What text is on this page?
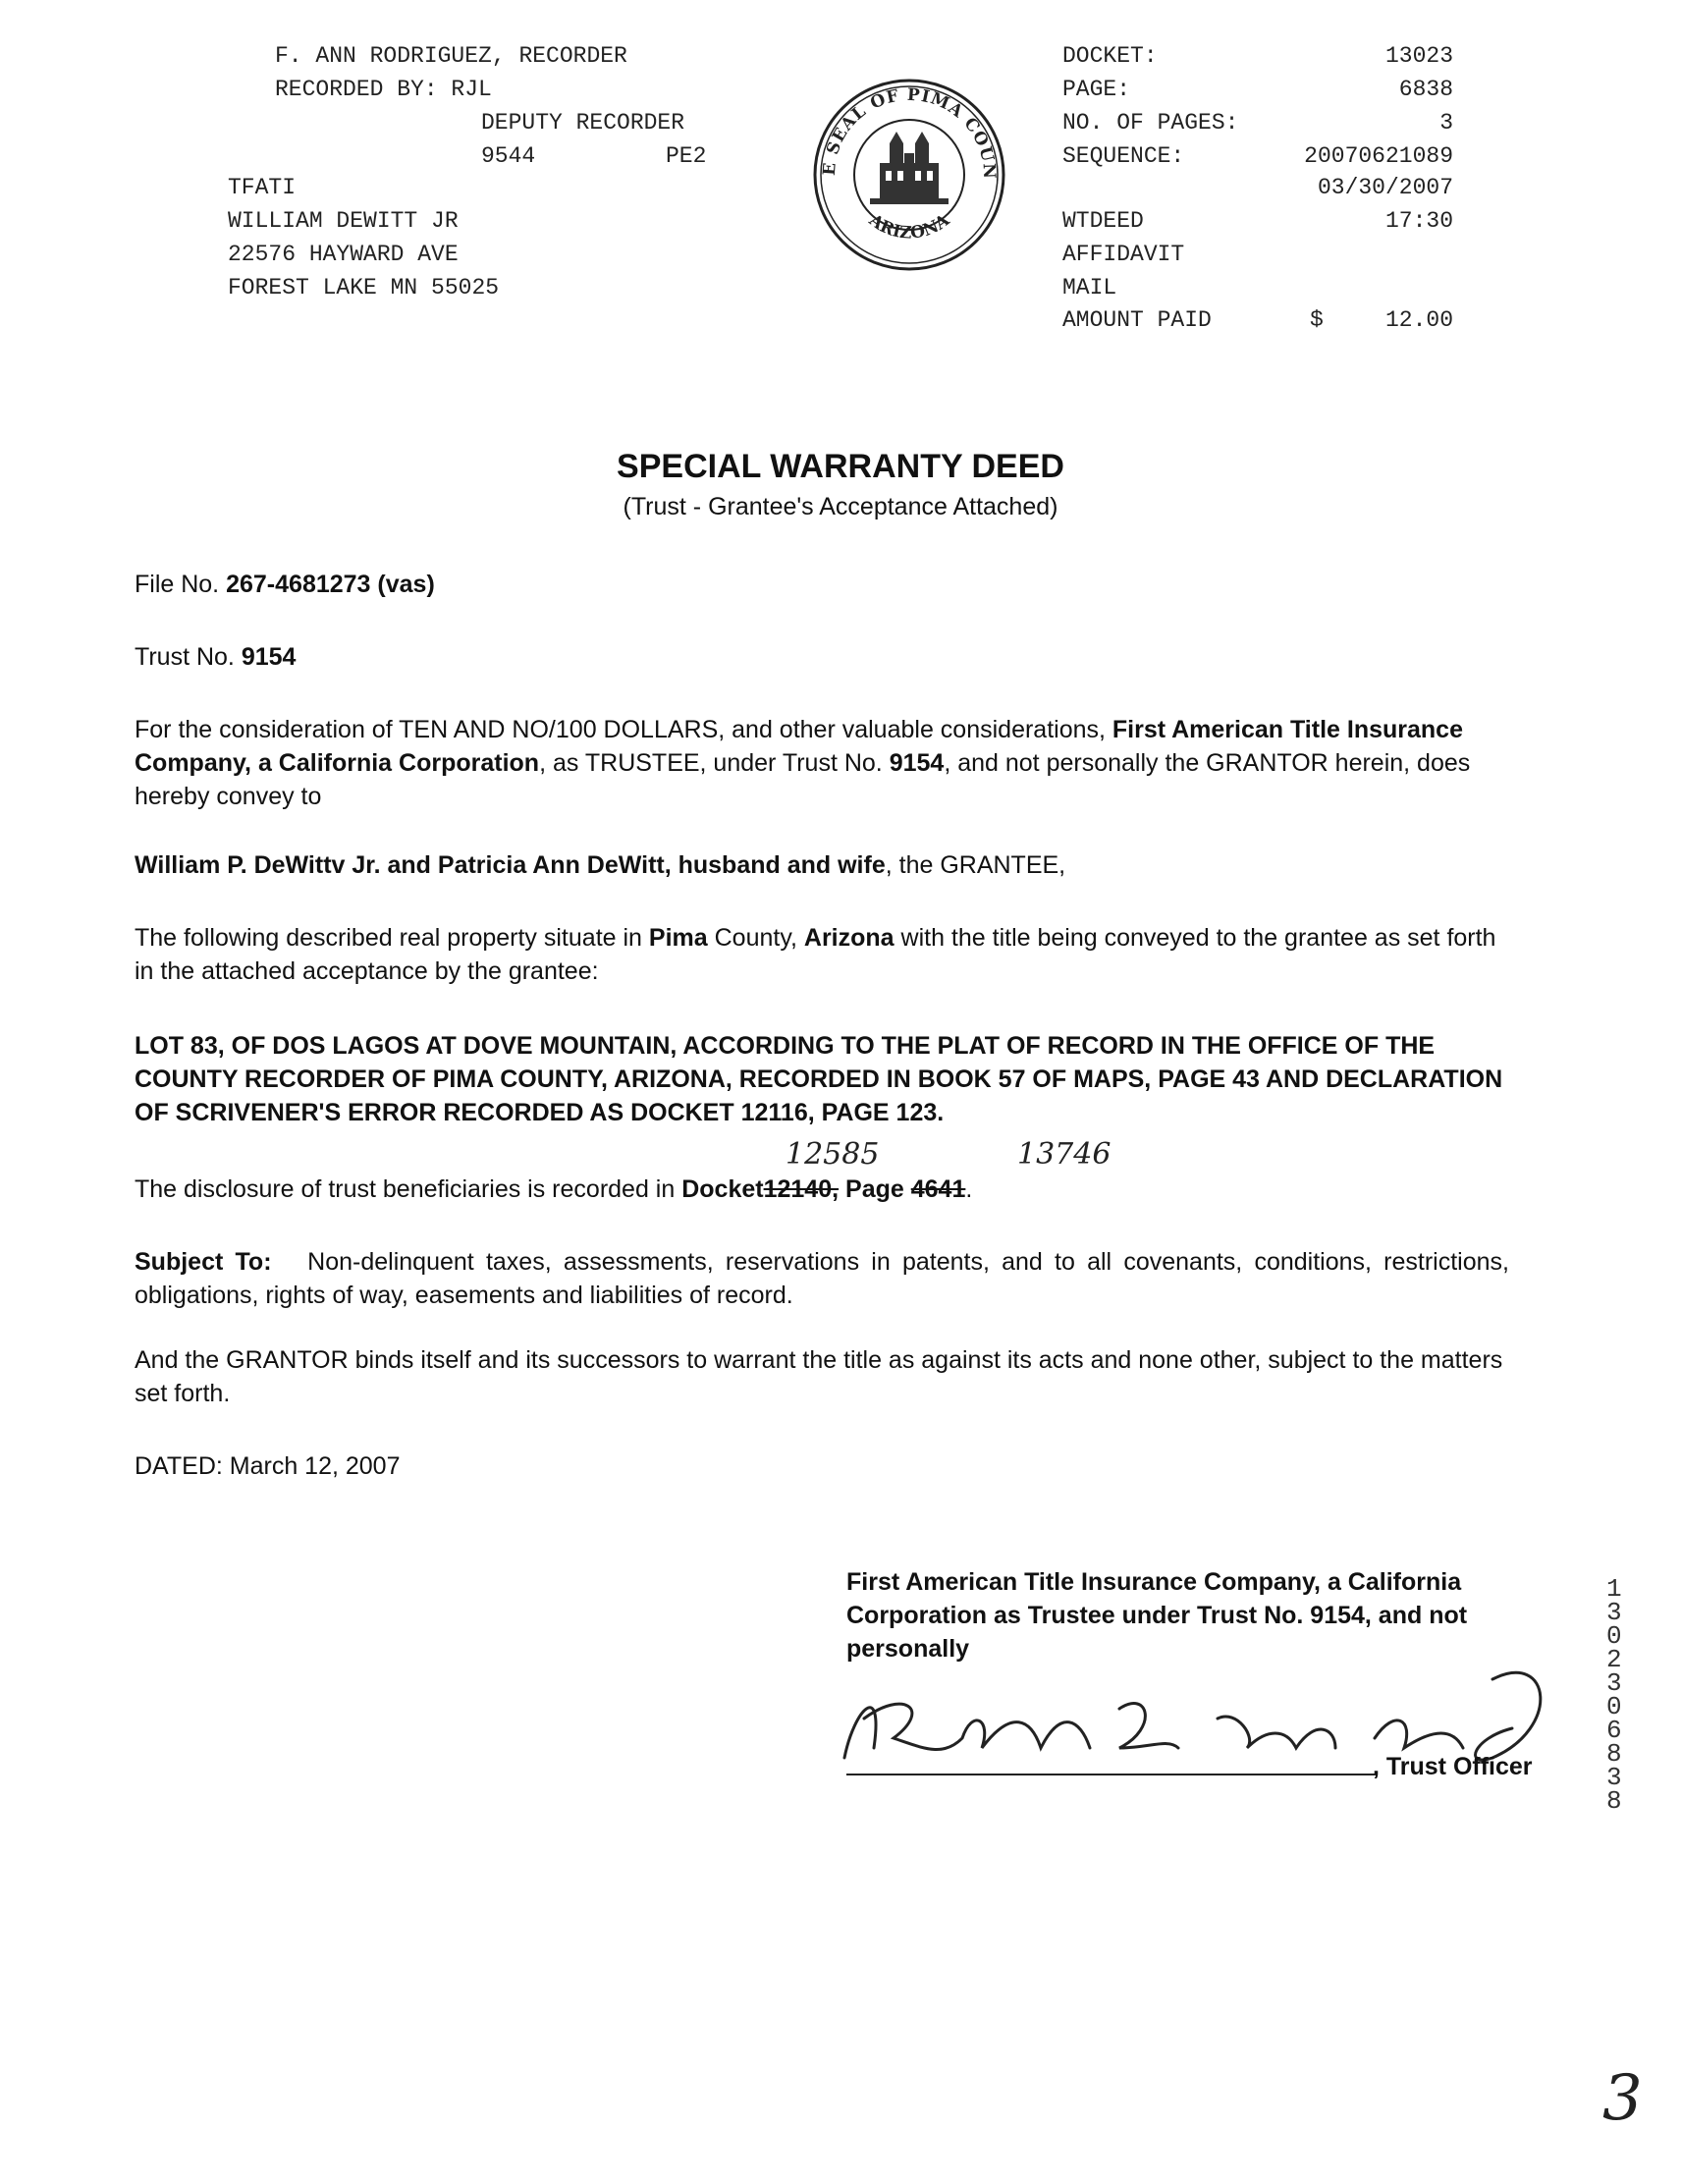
F. ANN RODRIGUEZ, RECORDER
RECORDED BY: RJL
DEPUTY RECORDER
9544	PE2
TFATI
WILLIAM DEWITT JR
22576 HAYWARD AVE
FOREST LAKE MN 55025
E SEAL OF PIMA COUN
ARIZONA
DOCKET:	13023
PAGE:	6838
NO. OF PAGES:	3
SEQUENCE:	20070621089
03/30/2007
WTDEED	17:30
AFFIDAVIT
MAIL
AMOUNT PAID	$	12.00
SPECIAL WARRANTY DEED
(Trust - Grantee's Acceptance Attached)
File No. 267-4681273 (vas)
Trust No. 9154
For the consideration of TEN AND NO/100 DOLLARS, and other valuable considerations, First American Title Insurance Company, a California Corporation, as TRUSTEE, under Trust No. 9154, and not personally the GRANTOR herein, does hereby convey to
William P. DeWittv Jr. and Patricia Ann DeWitt, husband and wife, the GRANTEE,
The following described real property situate in Pima County, Arizona with the title being conveyed to the grantee as set forth in the attached acceptance by the grantee:
LOT 83, OF DOS LAGOS AT DOVE MOUNTAIN, ACCORDING TO THE PLAT OF RECORD IN THE OFFICE OF THE COUNTY RECORDER OF PIMA COUNTY, ARIZONA, RECORDED IN BOOK 57 OF MAPS, PAGE 43 AND DECLARATION OF SCRIVENER'S ERROR RECORDED AS DOCKET 12116, PAGE 123.
12585	13746
The disclosure of trust beneficiaries is recorded in Docket12140, Page 4641.
Subject To: Non-delinquent taxes, assessments, reservations in patents, and to all covenants, conditions, restrictions, obligations, rights of way, easements and liabilities of record.
And the GRANTOR binds itself and its successors to warrant the title as against its acts and none other, subject to the matters set forth.
DATED: March 12, 2007
First American Title Insurance Company, a California Corporation as Trustee under Trust No. 9154, and not personally
, Trust Officer
13023 06838
3
